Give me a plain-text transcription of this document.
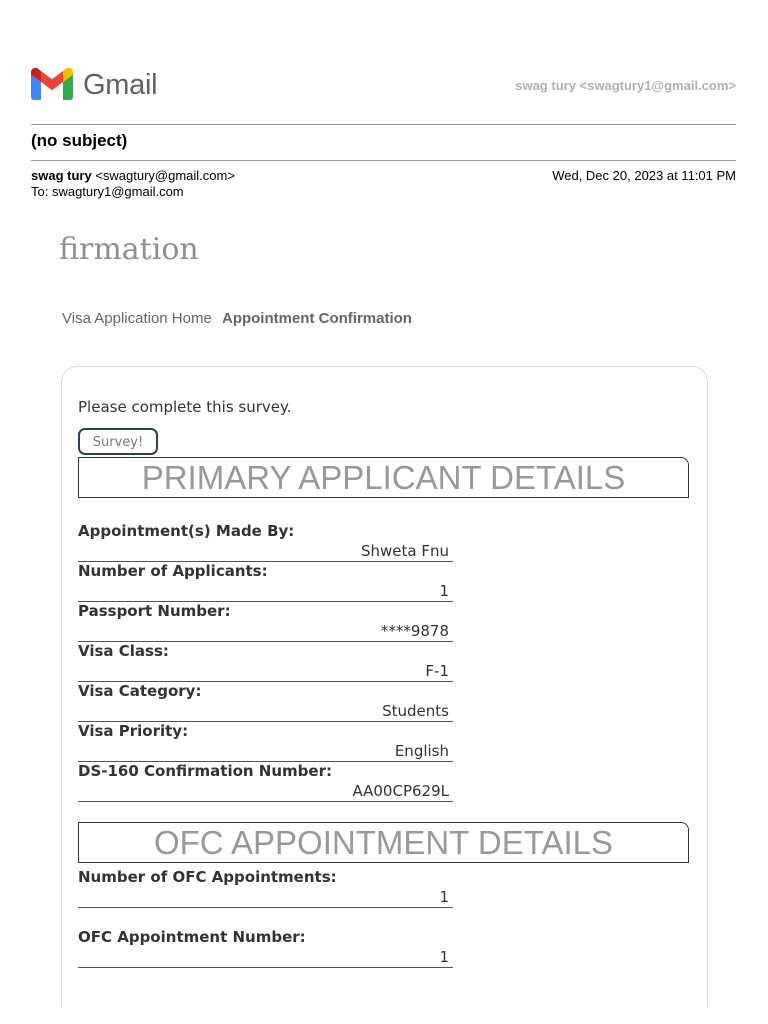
Gmail	swag tury <swagtury1@gmail.com>
(no subject)
swag tury <swagtury@gmail.com>
To: swagtury1@gmail.com
Wed, Dec 20, 2023 at 11:01 PM
firmation
Visa Application Home Appointment Confirmation
Please complete this survey.
Survey!
PRIMARY APPLICANT DETAILS
Appointment(s) Made By:
Shweta Fnu
Number of Applicants:
1
Passport Number:
****9878
Visa Class:
F-1
Visa Category:
Students
Visa Priority:
English
DS-160 Confirmation Number:
AA00CP629L
OFC APPOINTMENT DETAILS
Number of OFC Appointments:
1
OFC Appointment Number:
1
